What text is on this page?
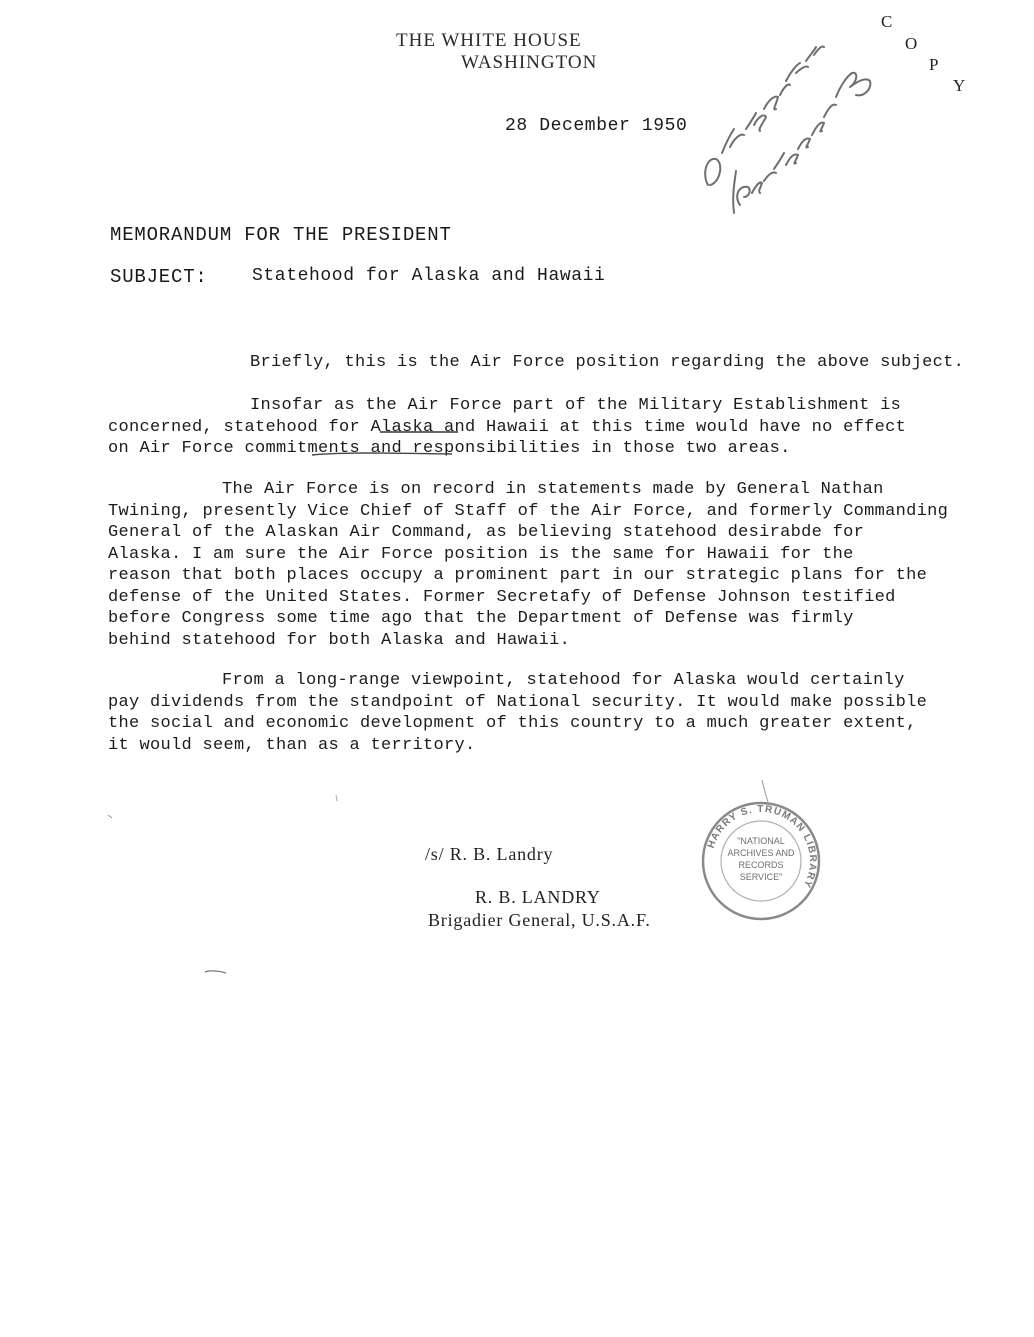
THE WHITE HOUSE
WASHINGTON
C
O
P
Y
28 December 1950
MEMORANDUM FOR THE PRESIDENT
SUBJECT: Statehood for Alaska and Hawaii
Briefly, this is the Air Force position regarding the above subject.
Insofar as the Air Force part of the Military Establishment is
concerned, statehood for Alaska and Hawaii at this time would have no effect
on Air Force commitments and responsibilities in those two areas.
The Air Force is on record in statements made by General Nathan
Twining, presently Vice Chief of Staff of the Air Force, and formerly Commanding
General of the Alaskan Air Command, as believing statehood desirabde for
Alaska. I am sure the Air Force position is the same for Hawaii for the
reason that both places occupy a prominent part in our strategic plans for the
defense of the United States. Former Secretafy of Defense Johnson testified
before Congress some time ago that the Department of Defense was firmly
behind statehood for both Alaska and Hawaii.
From a long-range viewpoint, statehood for Alaska would certainly
pay dividends from the standpoint of National security. It would make possible
the social and economic development of this country to a much greater extent,
it would seem, than as a territory.
/s/ R. B. Landry
R. B. LANDRY
Brigadier General, U.S.A.F.
HARRY S. TRUMAN LIBRARY
"NATIONAL
ARCHIVES AND
RECORDS
SERVICE"
